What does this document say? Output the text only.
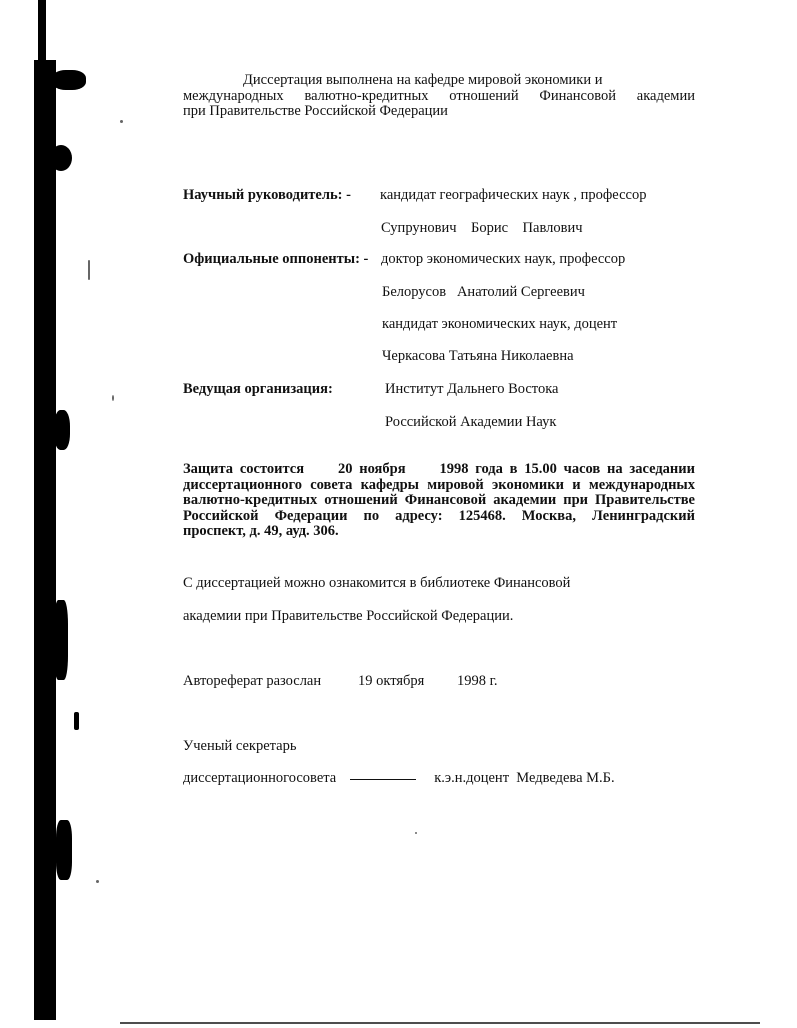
Диссертация выполнена на кафедре мировой экономики и
международных валютно-кредитных отношений Финансовой академии
при Правительстве Российской Федерации
Научный руководитель: - кандидат географических наук , профессор
Супрунович    Борис    Павлович
Официальные оппоненты: - доктор экономических наук, профессор
Белорусов   Анатолий Сергеевич
кандидат экономических наук, доцент
Черкасова Татьяна Николаевна
Ведущая организация:	Институт Дальнего Востока
Российской Академии Наук
Защита состоится     20 ноября     1998 года в 15.00 часов на заседании
диссертационного совета кафедры мировой экономики и международных
валютно-кредитных отношений Финансовой академии при Правительстве
Российской  Федерации  по  адресу:  125468.  Москва,  Ленинградский
проспект, д. 49, ауд. 306.
С диссертацией можно ознакомится в библиотеке Финансовой
академии при Правительстве Российской Федерации.
Автореферат разослан	19 октября 1998 г.
Ученый секретарь
диссертационногосовета	к.э.н.доцент Медведева М.Б.
